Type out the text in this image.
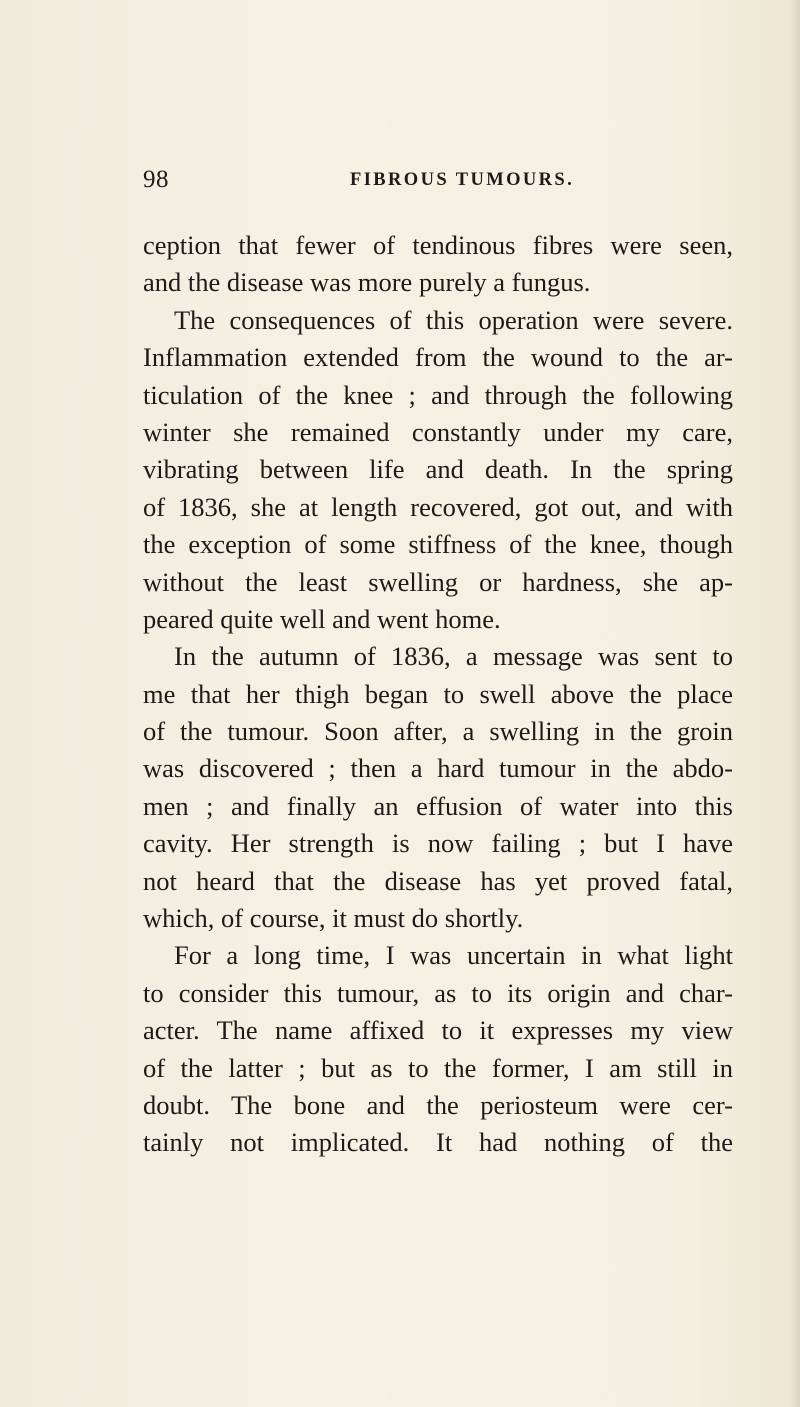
98	FIBROUS TUMOURS.
ception that fewer of tendinous fibres were seen,
and the disease was more purely a fungus.
The consequences of this operation were severe.
Inflammation extended from the wound to the ar-
ticulation of the knee ; and through the following
winter she remained constantly under my care,
vibrating between life and death. In the spring
of 1836, she at length recovered, got out, and with
the exception of some stiffness of the knee, though
without the least swelling or hardness, she ap-
peared quite well and went home.
In the autumn of 1836, a message was sent to
me that her thigh began to swell above the place
of the tumour. Soon after, a swelling in the groin
was discovered ; then a hard tumour in the abdo-
men ; and finally an effusion of water into this
cavity. Her strength is now failing ; but I have
not heard that the disease has yet proved fatal,
which, of course, it must do shortly.
For a long time, I was uncertain in what light
to consider this tumour, as to its origin and char-
acter. The name affixed to it expresses my view
of the latter ; but as to the former, I am still in
doubt. The bone and the periosteum were cer-
tainly not implicated. It had nothing of the
